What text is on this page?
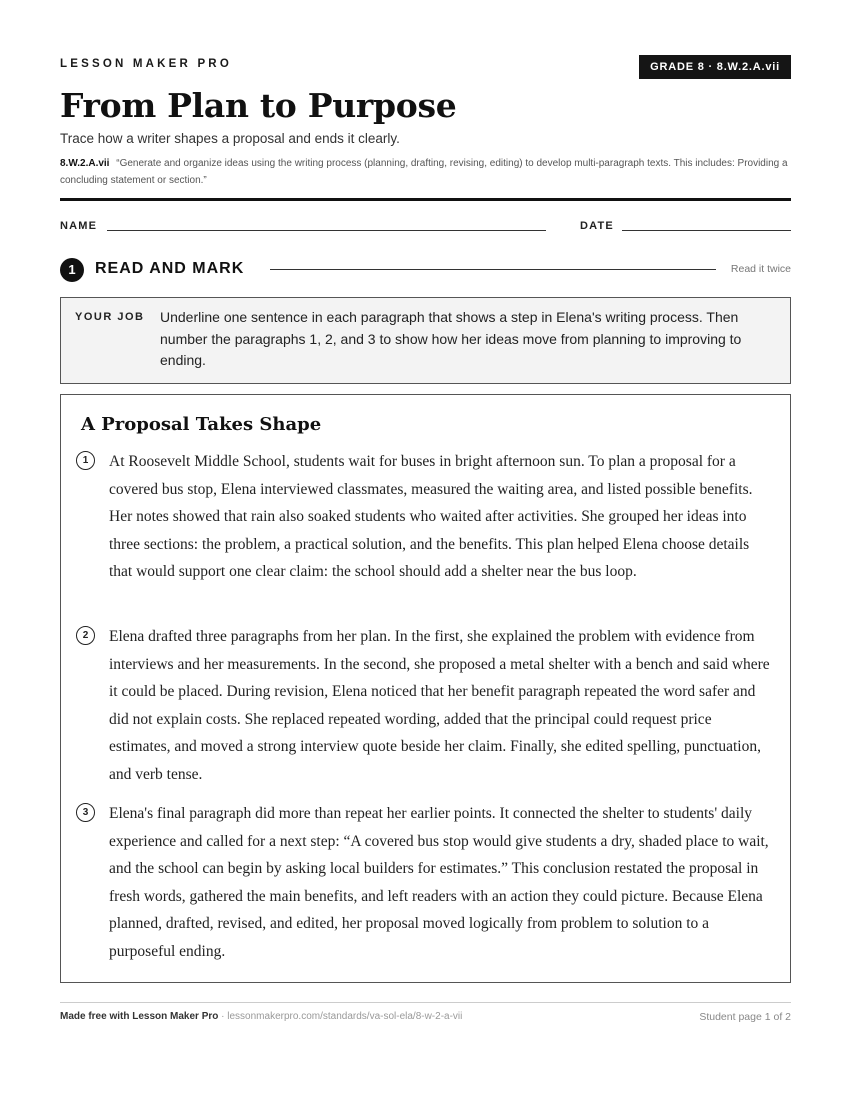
LESSON MAKER PRO	GRADE 8 · 8.W.2.A.vii
From Plan to Purpose
Trace how a writer shapes a proposal and ends it clearly.
8.W.2.A.vii “Generate and organize ideas using the writing process (planning, drafting, revising, editing) to develop multi-paragraph texts. This includes: Providing a concluding statement or section.”
NAME	DATE
1	READ AND MARK	Read it twice
YOUR JOB Underline one sentence in each paragraph that shows a step in Elena's writing process. Then number the paragraphs 1, 2, and 3 to show how her ideas move from planning to improving to ending.

A Proposal Takes Shape
1	At Roosevelt Middle School, students wait for buses in bright afternoon sun. To plan a proposal for a covered bus stop, Elena interviewed classmates, measured the waiting area, and listed possible benefits. Her notes showed that rain also soaked students who waited after activities. She grouped her ideas into three sections: the problem, a practical solution, and the benefits. This plan helped Elena choose details that would support one clear claim: the school should add a shelter near the bus loop.

2	Elena drafted three paragraphs from her plan. In the first, she explained the problem with evidence from interviews and her measurements. In the second, she proposed a metal shelter with a bench and said where it could be placed. During revision, Elena noticed that her benefit paragraph repeated the word safer and did not explain costs. She replaced repeated wording, added that the principal could request price estimates, and moved a strong interview quote beside her claim. Finally, she edited spelling, punctuation, and verb tense.

3	Elena's final paragraph did more than repeat her earlier points. It connected the shelter to students' daily experience and called for a next step: “A covered bus stop would give students a dry, shaded place to wait, and the school can begin by asking local builders for estimates.” This conclusion restated the proposal in fresh words, gathered the main benefits, and left readers with an action they could picture. Because Elena planned, drafted, revised, and edited, her proposal moved logically from problem to solution to a purposeful ending.

Made free with Lesson Maker Pro · lessonmakerpro.com/standards/va-sol-ela/8-w-2-a-vii	Student page 1 of 2
